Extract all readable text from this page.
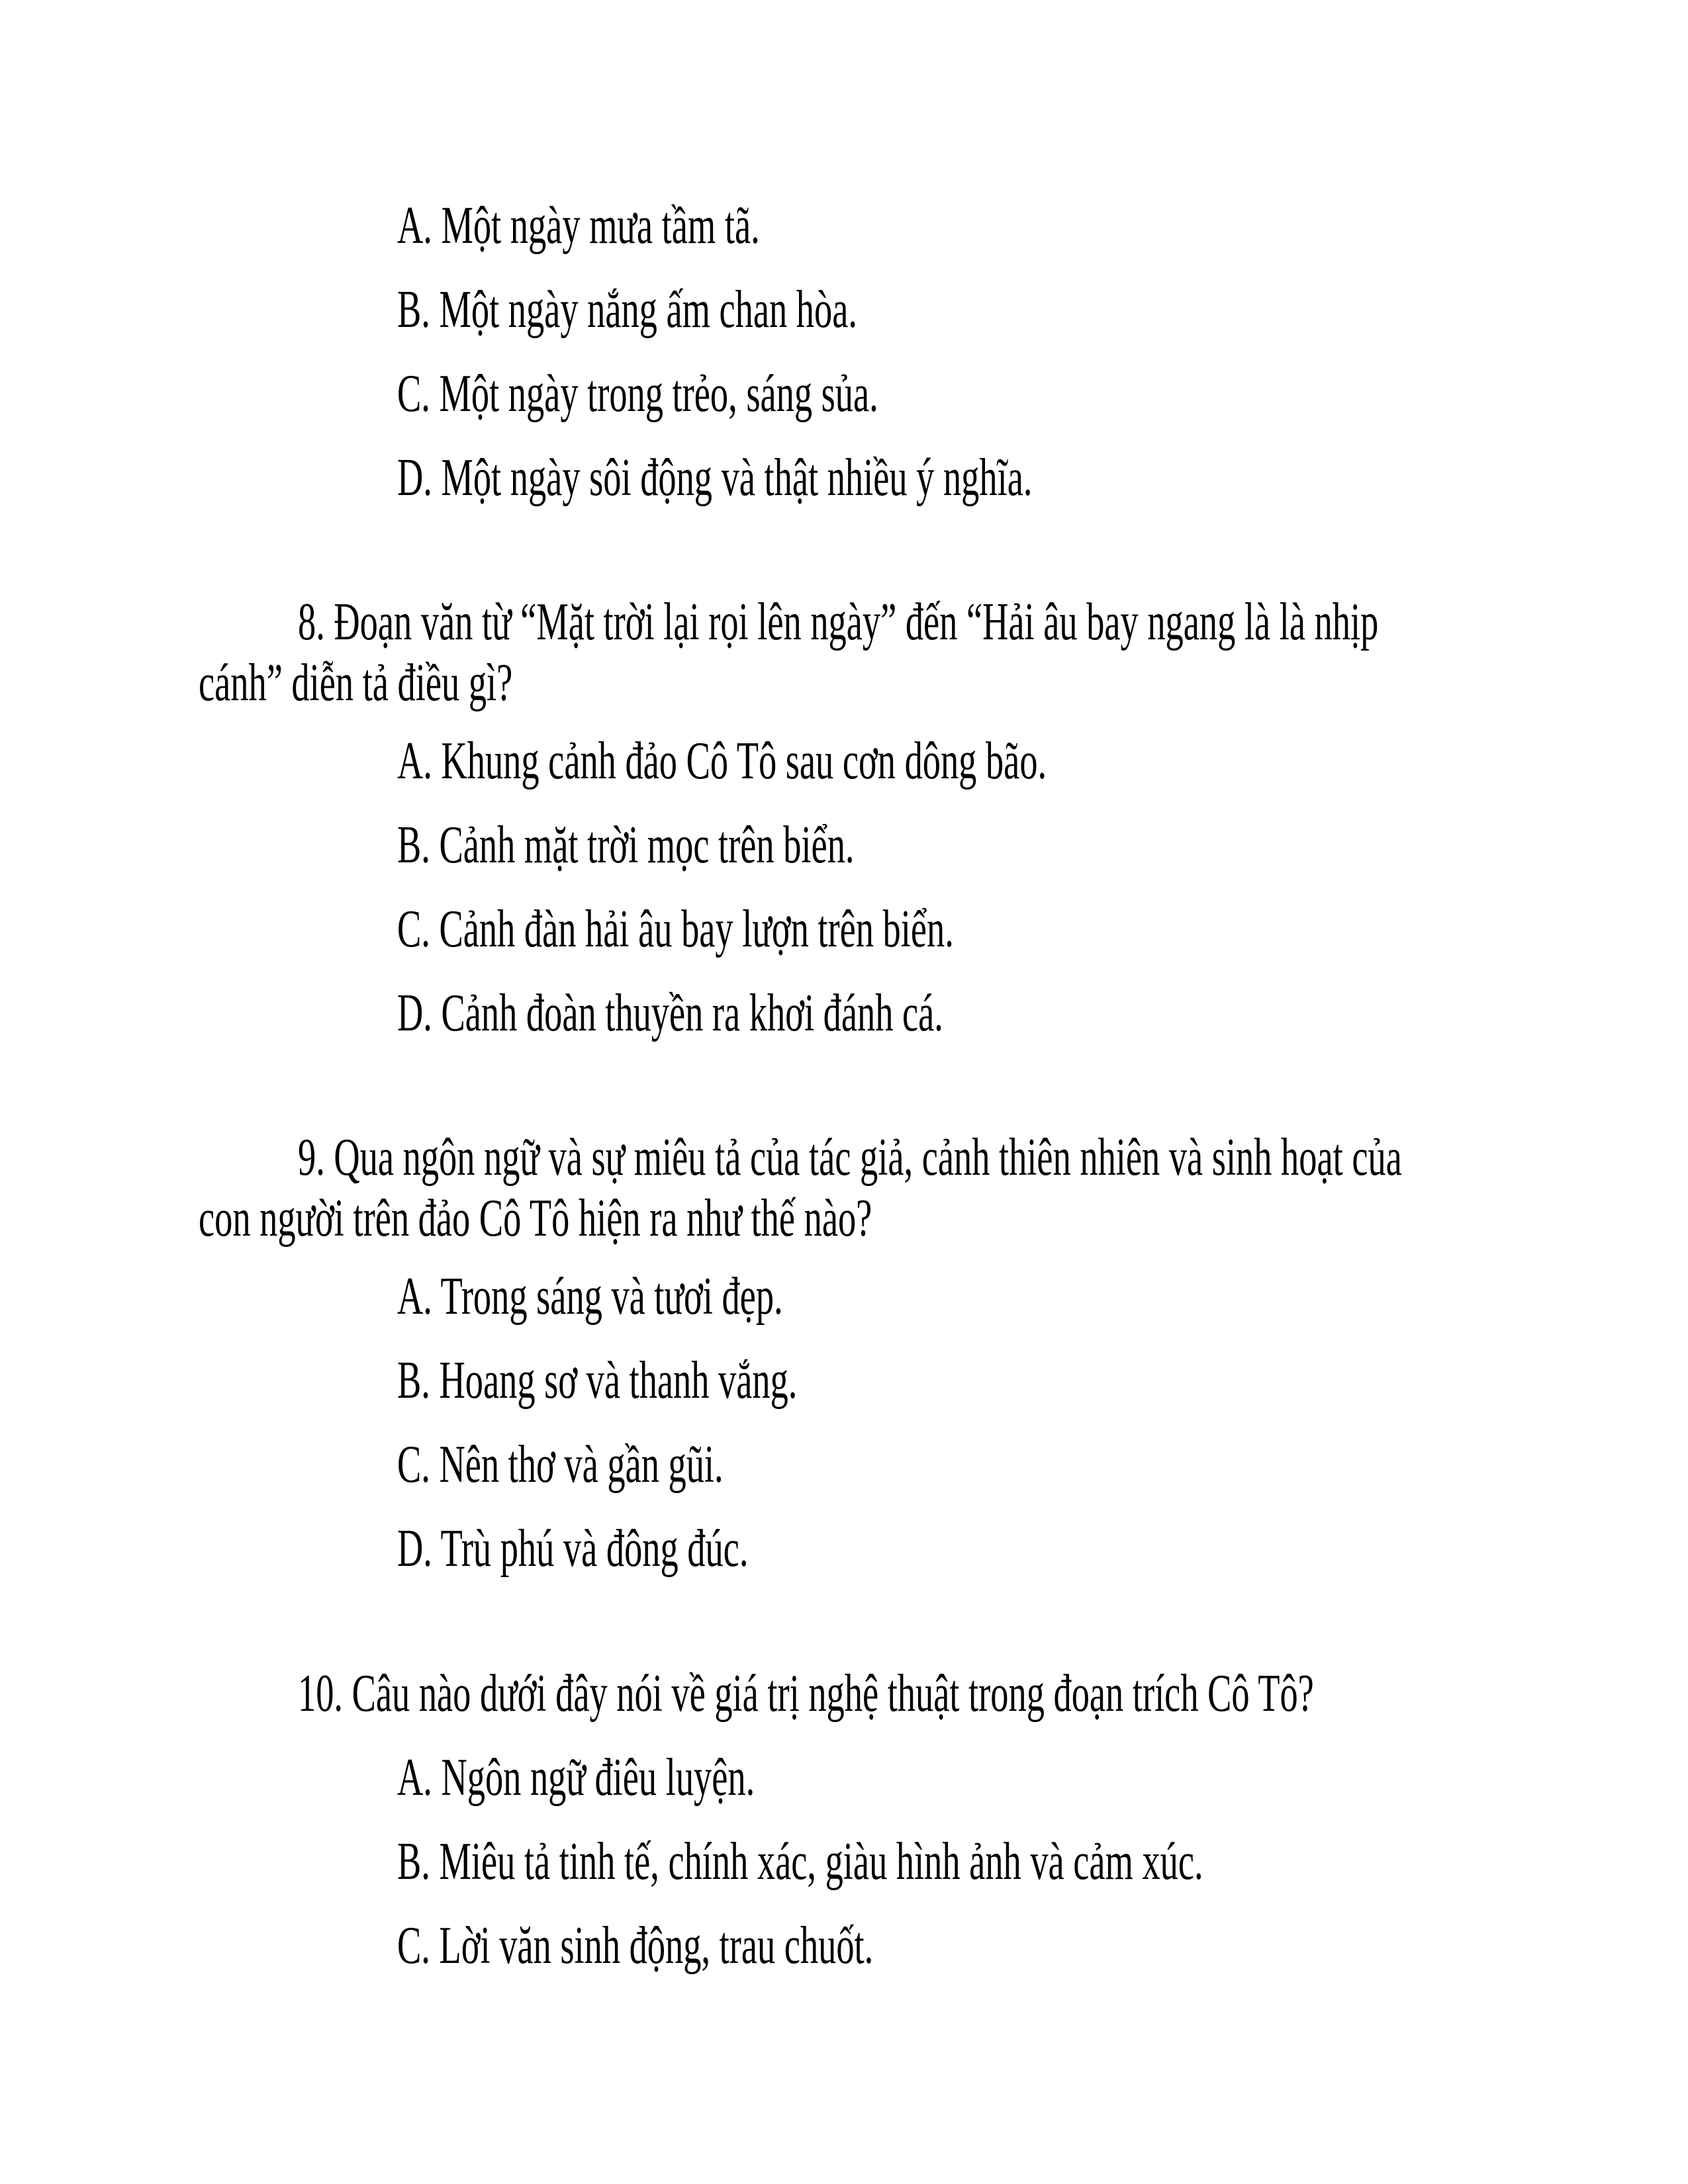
A. Một ngày mưa tầm tã.
B. Một ngày nắng ấm chan hòa.
C. Một ngày trong trẻo, sáng sủa.
D. Một ngày sôi động và thật nhiều ý nghĩa.
8. Đoạn văn từ “Mặt trời lại rọi lên ngày” đến “Hải âu bay ngang là là nhịp
cánh” diễn tả điều gì?
A. Khung cảnh đảo Cô Tô sau cơn dông bão.
B. Cảnh mặt trời mọc trên biển.
C. Cảnh đàn hải âu bay lượn trên biển.
D. Cảnh đoàn thuyền ra khơi đánh cá.
9. Qua ngôn ngữ và sự miêu tả của tác giả, cảnh thiên nhiên và sinh hoạt của
con người trên đảo Cô Tô hiện ra như thế nào?
A. Trong sáng và tươi đẹp.
B. Hoang sơ và thanh vắng.
C. Nên thơ và gần gũi.
D. Trù phú và đông đúc.
10. Câu nào dưới đây nói về giá trị nghệ thuật trong đoạn trích Cô Tô?
A. Ngôn ngữ điêu luyện.
B. Miêu tả tinh tế, chính xác, giàu hình ảnh và cảm xúc.
C. Lời văn sinh động, trau chuốt.
